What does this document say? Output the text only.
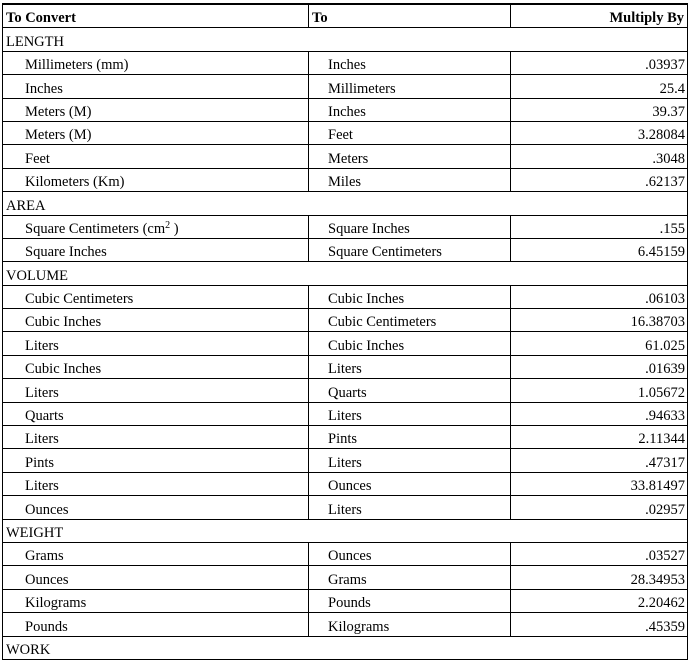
To Convert	To	Multiply By
LENGTH		
Millimeters (mm)	Inches	.03937
Inches	Millimeters	25.4
Meters (M)	Inches	39.37
Meters (M)	Feet	3.28084
Feet	Meters	.3048
Kilometers (Km)	Miles	.62137
AREA		
Square Centimeters ($cm^2$ )	Square Inches	.155
Square Inches	Square Centimeters	6.45159
VOLUME		
Cubic Centimeters	Cubic Inches	.06103
Cubic Inches	Cubic Centimeters	16.38703
Liters	Cubic Inches	61.025
Cubic Inches	Liters	.01639
Liters	Quarts	1.05672
Quarts	Liters	.94633
Liters	Pints	2.11344
Pints	Liters	.47317
Liters	Ounces	33.81497
Ounces	Liters	.02957
WEIGHT		
Grams	Ounces	.03527
Ounces	Grams	28.34953
Kilograms	Pounds	2.20462
Pounds	Kilograms	.45359
WORK		
